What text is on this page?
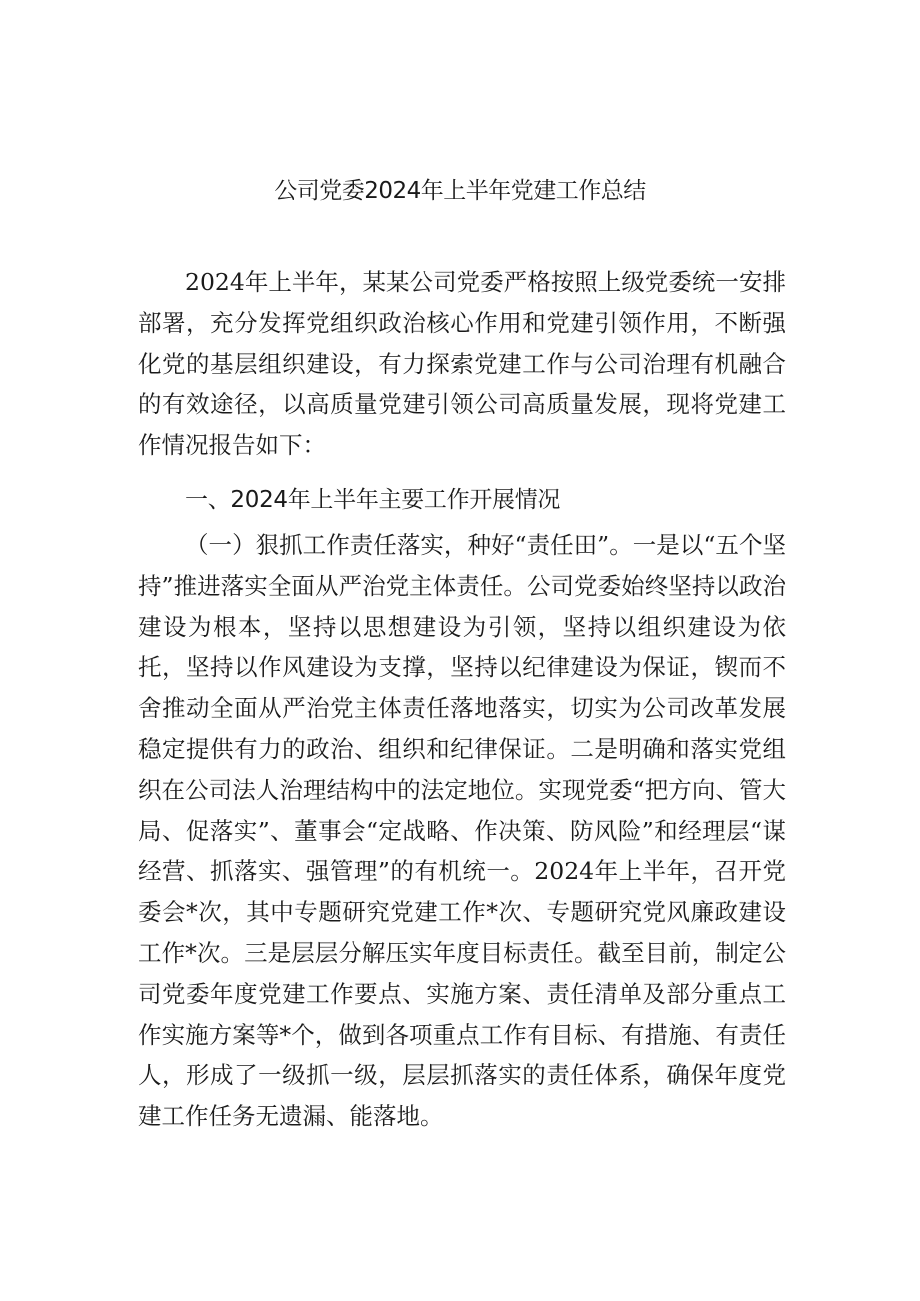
公司党委2024年上半年党建工作总结

2024年上半年，某某公司党委严格按照上级党委统一安排部署，充分发挥党组织政治核心作用和党建引领作用，不断强化党的基层组织建设，有力探索党建工作与公司治理有机融合的有效途径，以高质量党建引领公司高质量发展，现将党建工作情况报告如下：

一、2024年上半年主要工作开展情况

（一）狠抓工作责任落实，种好“责任田”。一是以“五个坚持”推进落实全面从严治党主体责任。公司党委始终坚持以政治建设为根本，坚持以思想建设为引领，坚持以组织建设为依托，坚持以作风建设为支撑，坚持以纪律建设为保证，锲而不舍推动全面从严治党主体责任落地落实，切实为公司改革发展稳定提供有力的政治、组织和纪律保证。二是明确和落实党组织在公司法人治理结构中的法定地位。实现党委“把方向、管大局、促落实”、董事会“定战略、作决策、防风险”和经理层“谋经营、抓落实、强管理”的有机统一。2024年上半年，召开党委会*次，其中专题研究党建工作*次、专题研究党风廉政建设工作*次。三是层层分解压实年度目标责任。截至目前，制定公司党委年度党建工作要点、实施方案、责任清单及部分重点工作实施方案等*个，做到各项重点工作有目标、有措施、有责任人，形成了一级抓一级，层层抓落实的责任体系，确保年度党建工作任务无遗漏、能落地。
